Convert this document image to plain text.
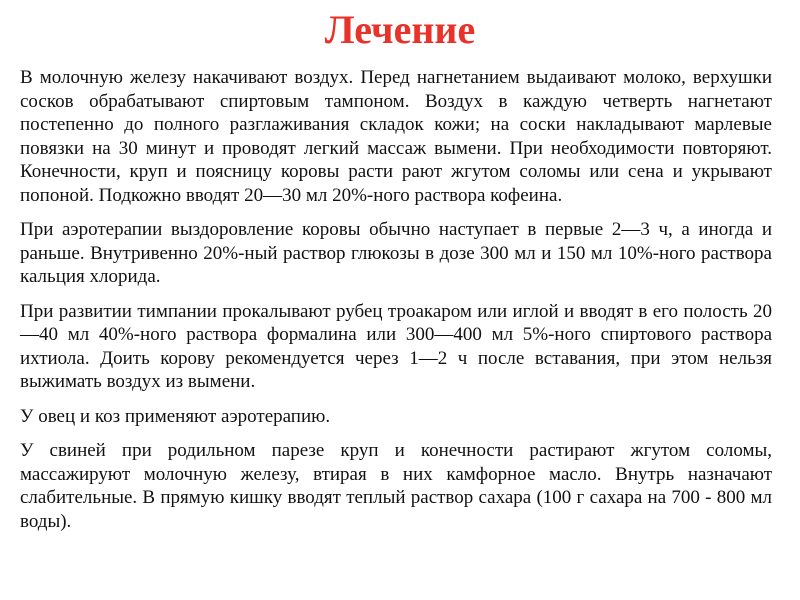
Лечение

В молочную железу накачивают воздух. Перед нагнетанием выдаивают молоко, верхушки сосков обрабатывают спиртовым тампоном. Воздух в каждую четверть нагнетают постепенно до полного разглаживания складок кожи; на соски накладывают марлевые повязки на 30 минут и проводят легкий массаж вымени. При необходимости повторяют. Конечности, круп и поясницу коровы расти рают жгутом соломы или сена и укрывают попоной. Подкожно вводят 20—30 мл 20%-ного раствора кофеина.

При аэротерапии выздоровление коровы обычно наступает в первые 2—3 ч, а иногда и раньше. Внутривенно 20%-ный раствор глюкозы в дозе 300 мл и 150 мл 10%-ного раствора кальция хлорида.

При развитии тимпании прокалывают рубец троакаром или иглой и вводят в его полость 20—40 мл 40%-ного раствора формалина или 300—400 мл 5%-ного спиртового раствора ихтиола. Доить корову рекомендуется через 1—2 ч после вставания, при этом нельзя выжимать воздух из вымени.

У овец и коз применяют аэротерапию.

У свиней при родильном парезе круп и конечности растирают жгутом соломы, массажируют молочную железу, втирая в них камфорное масло. Внутрь назначают слабительные. В прямую кишку вводят теплый раствор сахара (100 г сахара на 700 - 800 мл воды).
